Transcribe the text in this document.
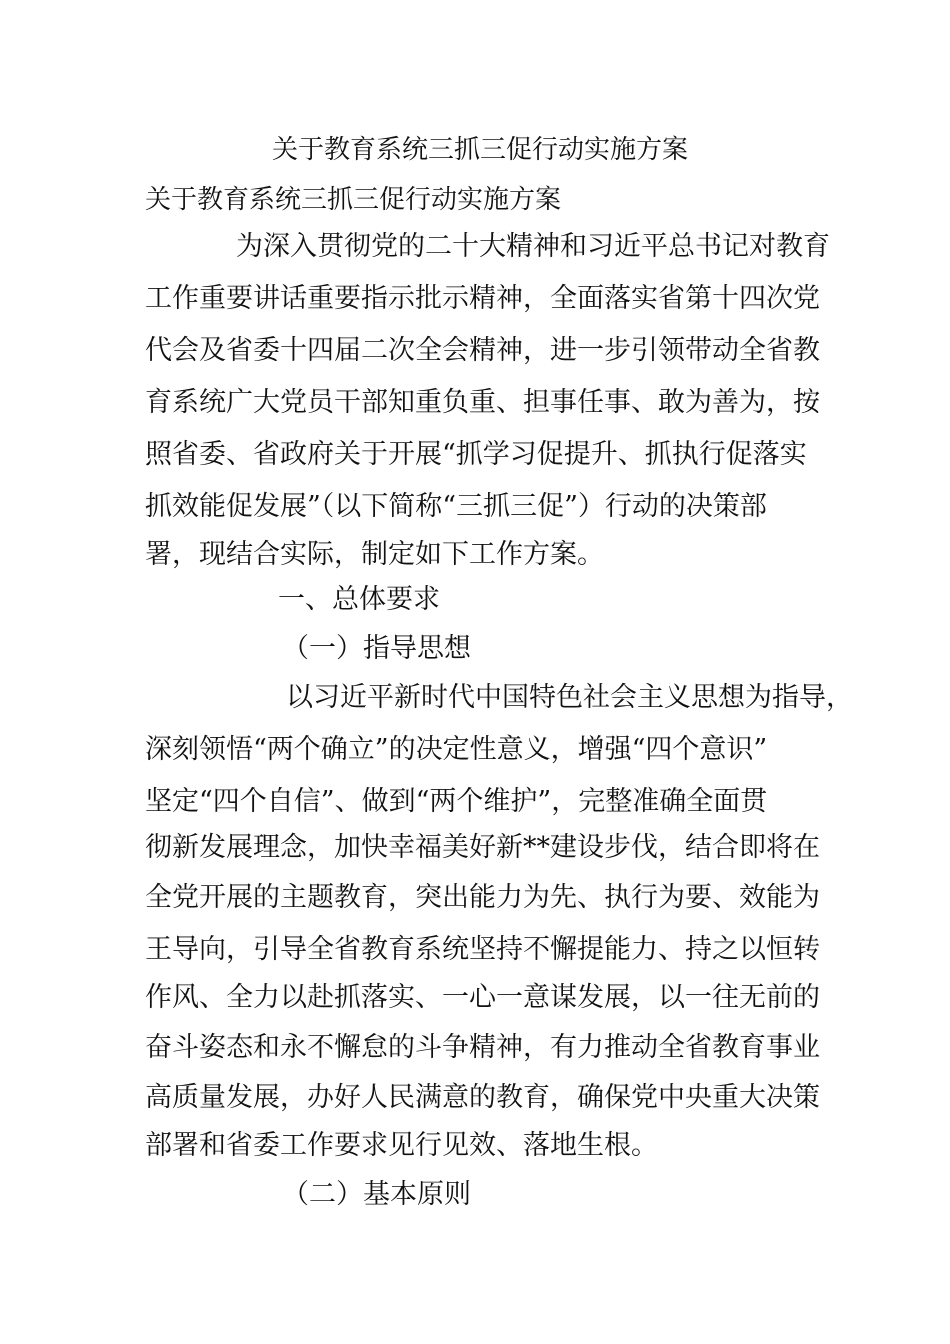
关于教育系统三抓三促行动实施方案
关于教育系统三抓三促行动实施方案
为深入贯彻党的二十大精神和习近平总书记对教育
工作重要讲话重要指示批示精神，全面落实省第十四次党
代会及省委十四届二次全会精神，进一步引领带动全省教
育系统广大党员干部知重负重、担事任事、敢为善为，按
照省委、省政府关于开展“抓学习促提升、抓执行促落实
抓效能促发展”（以下简称“三抓三促”）行动的决策部
署，现结合实际，制定如下工作方案。
一、总体要求
（一）指导思想
以习近平新时代中国特色社会主义思想为指导，
深刻领悟“两个确立”的决定性意义，增强“四个意识”
坚定“四个自信”、做到“两个维护”，完整准确全面贯
彻新发展理念，加快幸福美好新**建设步伐，结合即将在
全党开展的主题教育，突出能力为先、执行为要、效能为
王导向，引导全省教育系统坚持不懈提能力、持之以恒转
作风、全力以赴抓落实、一心一意谋发展，以一往无前的
奋斗姿态和永不懈怠的斗争精神，有力推动全省教育事业
高质量发展，办好人民满意的教育，确保党中央重大决策
部署和省委工作要求见行见效、落地生根。
（二）基本原则
